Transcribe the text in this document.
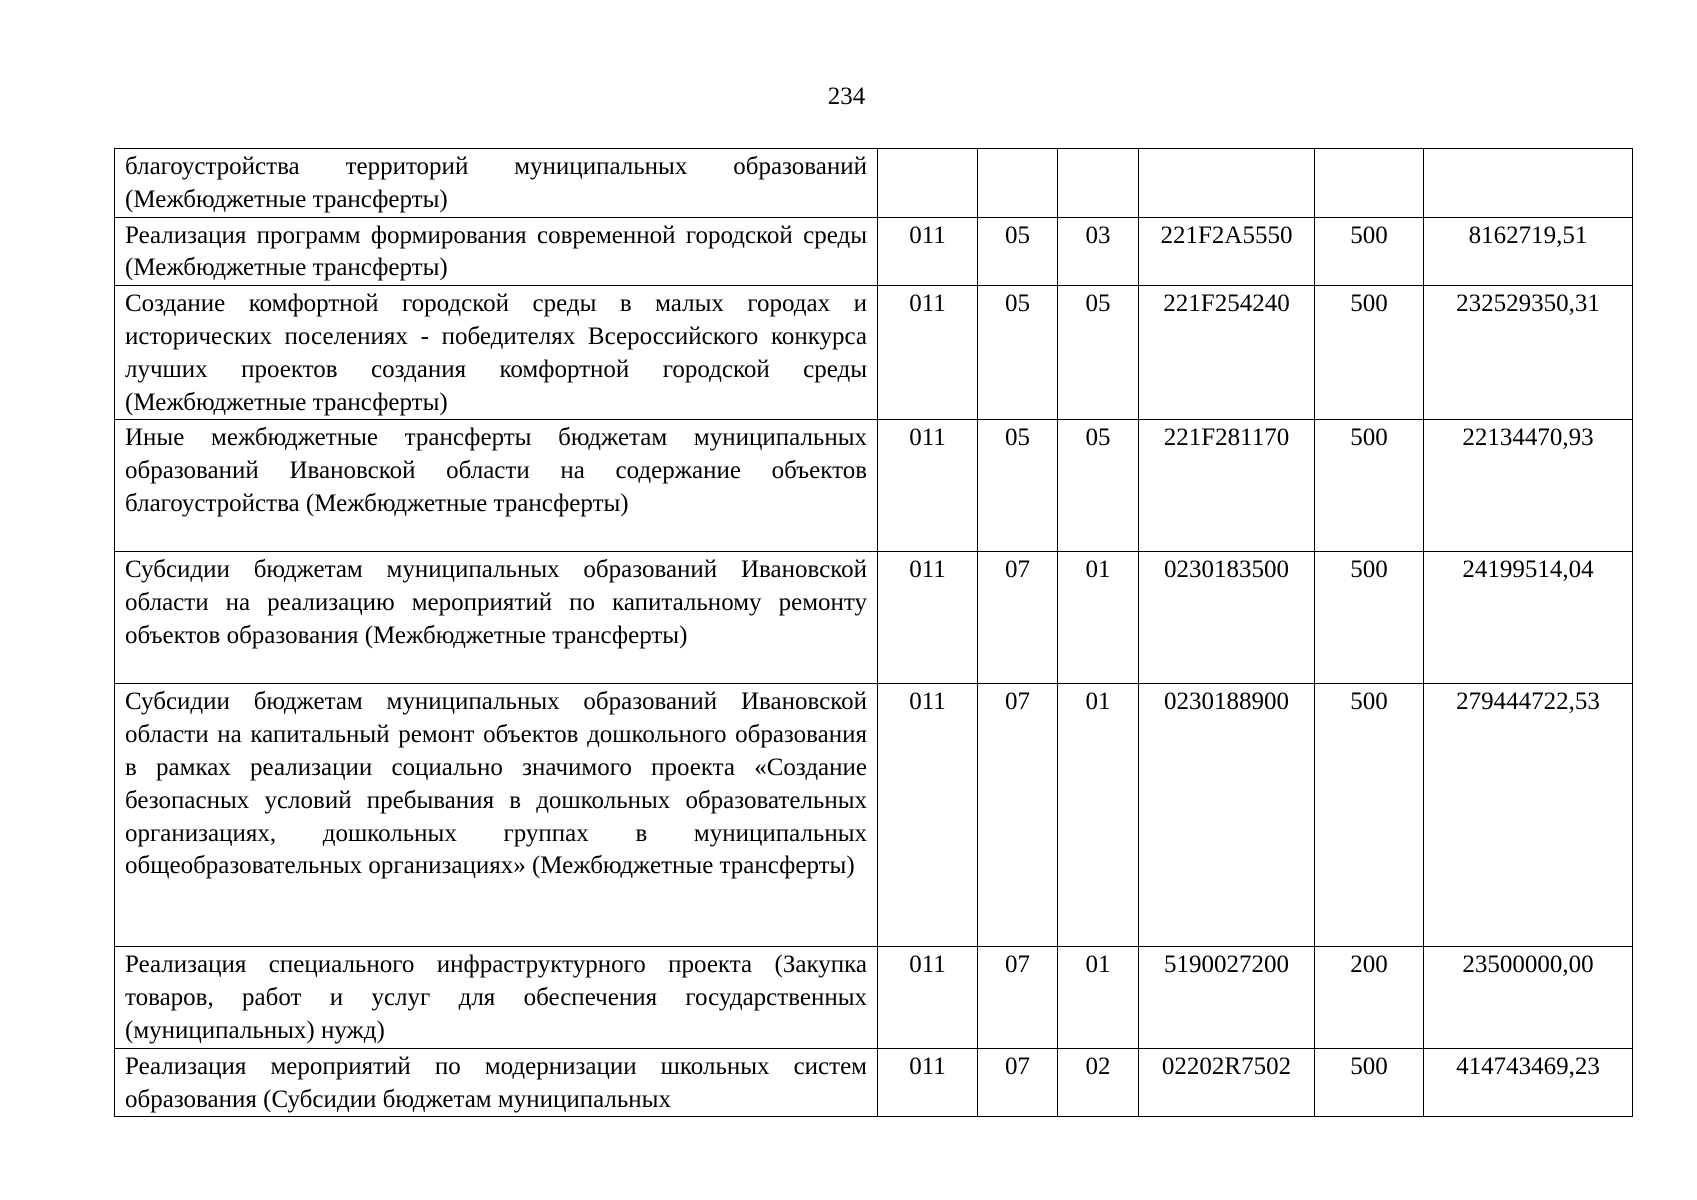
234
благоустройства территорий муниципальных образований (Межбюджетные трансферты)						
Реализация программ формирования современной городской среды (Межбюджетные трансферты)	011	05	03	221F2A5550	500	8162719,51
Создание комфортной городской среды в малых городах и исторических поселениях - победителях Всероссийского конкурса лучших проектов создания комфортной городской среды (Межбюджетные трансферты)	011	05	05	221F254240	500	232529350,31
Иные межбюджетные трансферты бюджетам муниципальных образований Ивановской области на содержание объектов благоустройства (Межбюджетные трансферты)	011	05	05	221F281170	500	22134470,93
Субсидии бюджетам муниципальных образований Ивановской области на реализацию мероприятий по капитальному ремонту объектов образования (Межбюджетные трансферты)	011	07	01	0230183500	500	24199514,04
Субсидии бюджетам муниципальных образований Ивановской области на капитальный ремонт объектов дошкольного образования в рамках реализации социально значимого проекта «Создание безопасных условий пребывания в дошкольных образовательных организациях, дошкольных группах в муниципальных общеобразовательных организациях» (Межбюджетные трансферты)	011	07	01	0230188900	500	279444722,53
Реализация специального инфраструктурного проекта (Закупка товаров, работ и услуг для обеспечения государственных (муниципальных) нужд)	011	07	01	5190027200	200	23500000,00
Реализация мероприятий по модернизации школьных систем образования (Субсидии бюджетам муниципальных	011	07	02	02202R7502	500	414743469,23
